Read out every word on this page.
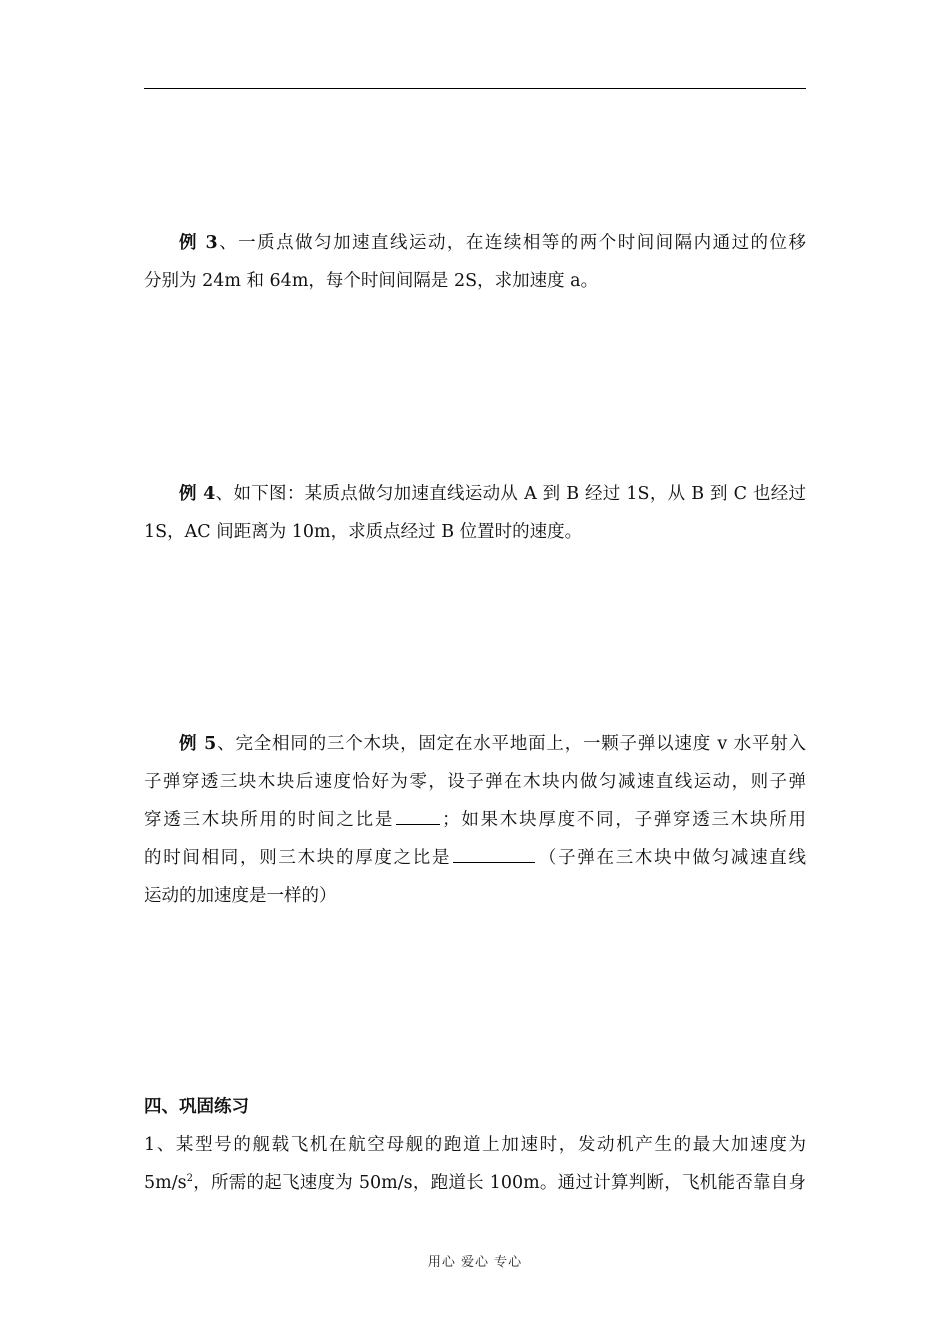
例 3、一质点做匀加速直线运动，在连续相等的两个时间间隔内通过的位移
分别为 24m 和 64m，每个时间间隔是 2S，求加速度 a。
例 4、如下图：某质点做匀加速直线运动从 A 到 B 经过 1S，从 B 到 C 也经过
1S，AC 间距离为 10m，求质点经过 B 位置时的速度。
例 5、完全相同的三个木块，固定在水平地面上，一颗子弹以速度 v 水平射入
子弹穿透三块木块后速度恰好为零，设子弹在木块内做匀减速直线运动，则子弹
穿透三木块所用的时间之比是	；如果木块厚度不同，子弹穿透三木块所用
的时间相同，则三木块的厚度之比是	（子弹在三木块中做匀减速直线
运动的加速度是一样的）
四、巩固练习
1、某型号的舰载飞机在航空母舰的跑道上加速时，发动机产生的最大加速度为
$5m/s^2$，所需的起飞速度为 50m/s，跑道长 100m。通过计算判断，飞机能否靠自身
用心 爱心 专心
